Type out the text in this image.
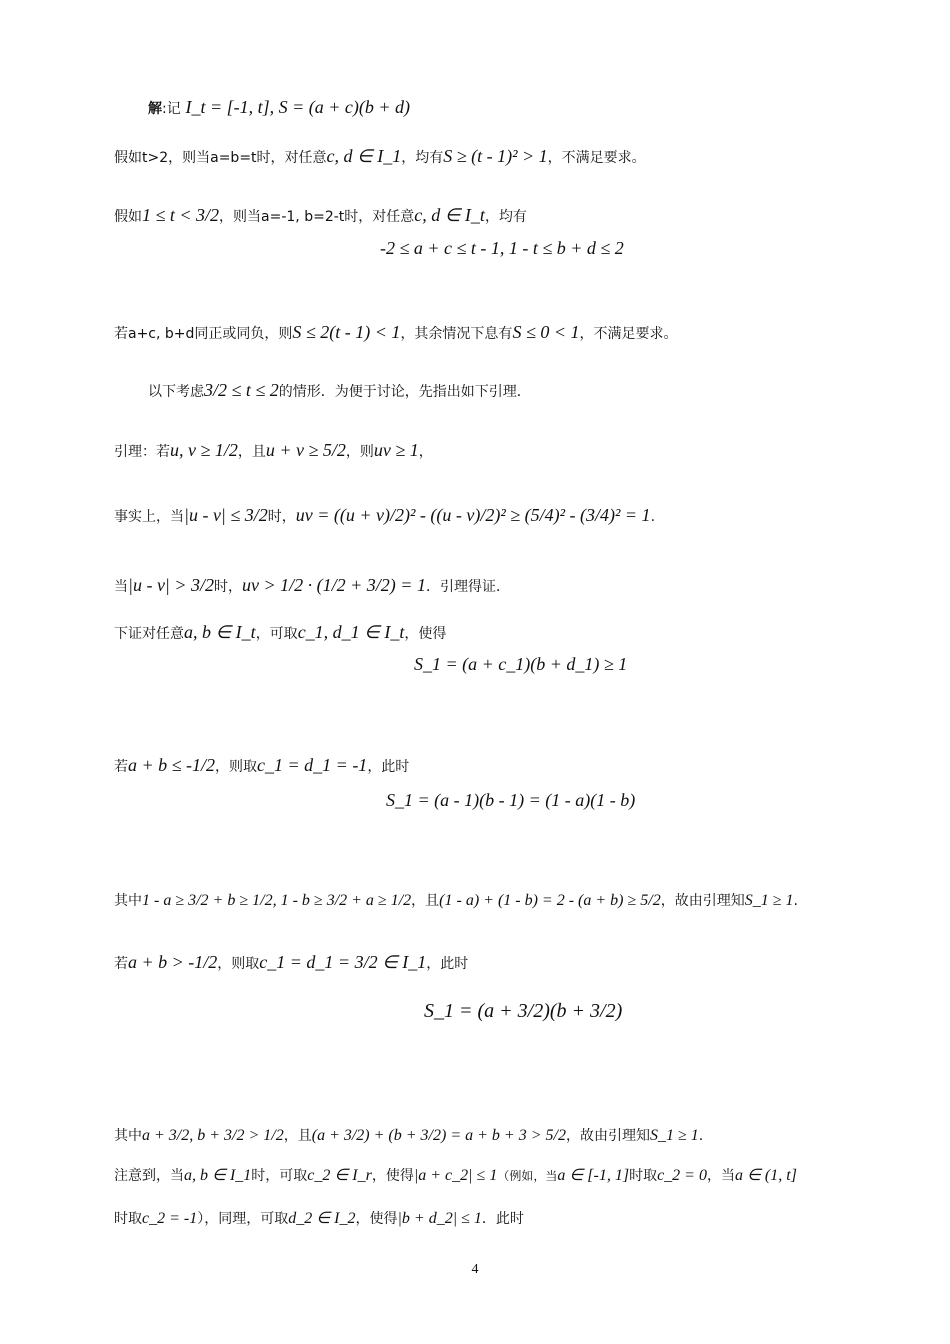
解:记 I_t = [-1, t], S = (a + c)(b + d)
假如t>2，则当a=b=t时，对任意c, d ∈ I_1，均有S ≥ (t - 1)² > 1，不满足要求。
假如1 ≤ t < 3/2，则当a=-1, b=2-t时，对任意c, d ∈ I_t，均有
-2 ≤ a + c ≤ t - 1, 1 - t ≤ b + d ≤ 2
若a+c, b+d同正或同负，则S ≤ 2(t - 1) < 1，其余情况下息有S ≤ 0 < 1，不满足要求。
以下考虑3/2 ≤ t ≤ 2的情形．为便于讨论，先指出如下引理．
引理：若u, v ≥ 1/2，且u + v ≥ 5/2，则uv ≥ 1，
事实上，当|u - v| ≤ 3/2时，uv = ((u + v)/2)² - ((u - v)/2)² ≥ (5/4)² - (3/4)² = 1.
当|u - v| > 3/2时，uv > 1/2 · (1/2 + 3/2) = 1．引理得证．
下证对任意a, b ∈ I_t，可取c_1, d_1 ∈ I_t，使得
S_1 = (a + c_1)(b + d_1) ≥ 1
若a + b ≤ -1/2，则取c_1 = d_1 = -1，此时
S_1 = (a - 1)(b - 1) = (1 - a)(1 - b)
其中1 - a ≥ 3/2 + b ≥ 1/2, 1 - b ≥ 3/2 + a ≥ 1/2，且(1 - a) + (1 - b) = 2 - (a + b) ≥ 5/2，故由引理知S_1 ≥ 1.
若a + b > -1/2，则取c_1 = d_1 = 3/2 ∈ I_1，此时
S_1 = (a + 3/2)(b + 3/2)
其中a + 3/2, b + 3/2 > 1/2，且(a + 3/2) + (b + 3/2) = a + b + 3 > 5/2，故由引理知S_1 ≥ 1.
注意到，当a, b ∈ I_1时，可取c_2 ∈ I_r，使得|a + c_2| ≤ 1（例如，当a ∈ [-1, 1]时取c_2 = 0，当a ∈ (1, t]
时取c_2 = -1），同理，可取d_2 ∈ I_2，使得|b + d_2| ≤ 1．此时
4
